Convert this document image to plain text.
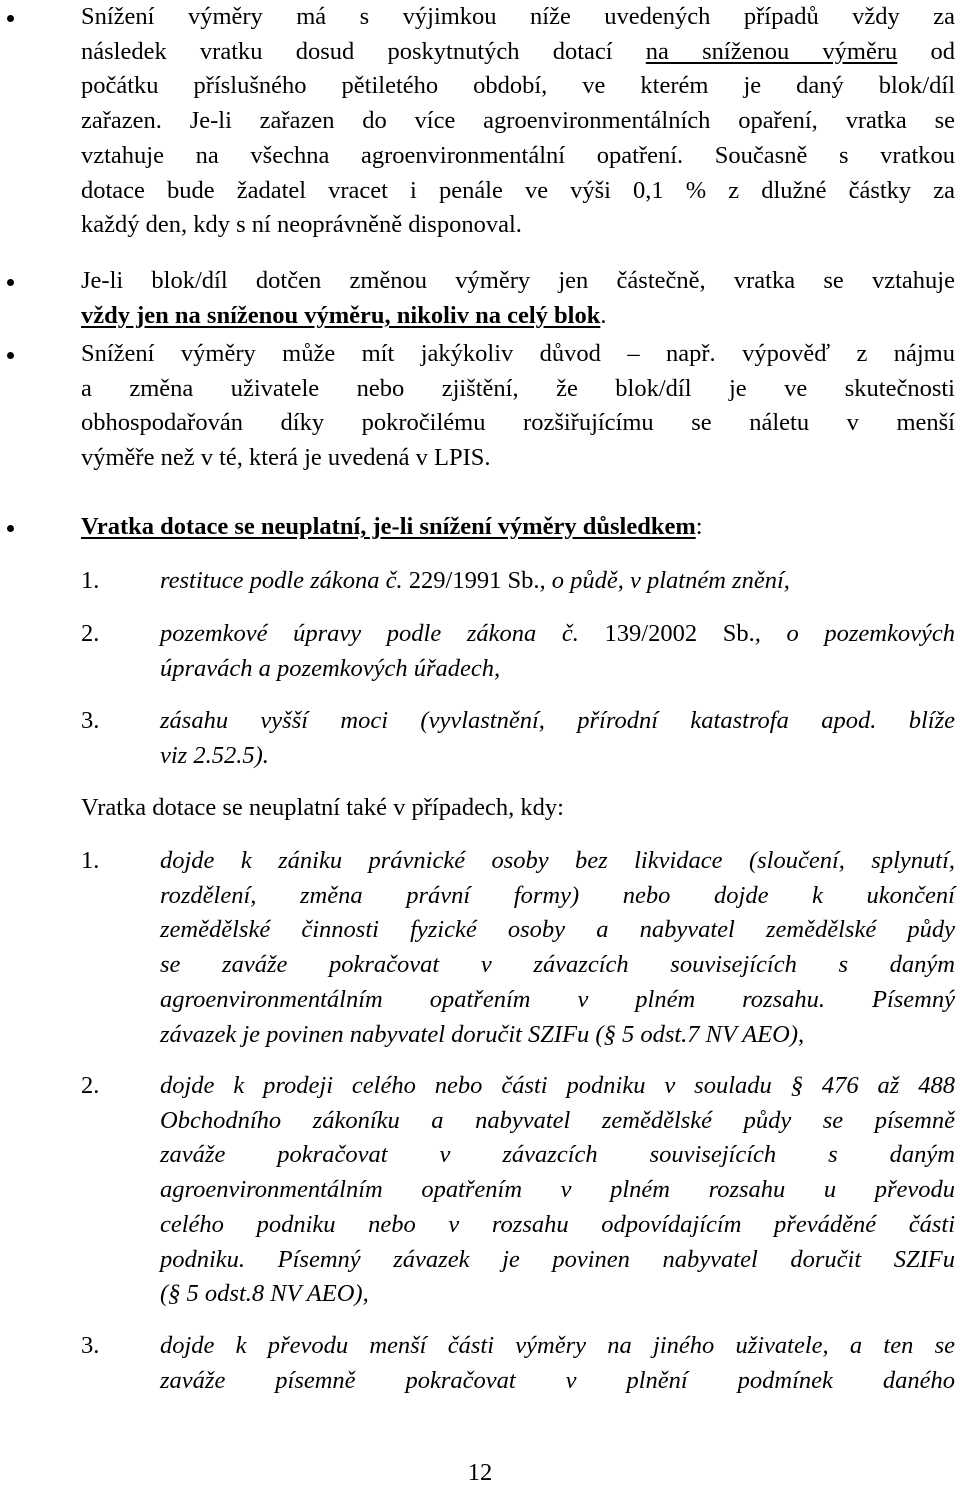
Snížení výměry má s výjimkou níže uvedených případů vždy za
následek vratku dosud poskytnutých dotací na sníženou výměru od
počátku příslušného pětiletého období, ve kterém je daný blok/díl
zařazen. Je-li zařazen do více agroenvironmentálních opaření, vratka se
vztahuje na všechna agroenvironmentální opatření. Současně s vratkou
dotace bude žadatel vracet i penále ve výši 0,1 % z dlužné částky za
každý den, kdy s ní neoprávněně disponoval.
Je-li blok/díl dotčen změnou výměry jen částečně, vratka se vztahuje
vždy jen na sníženou výměru, nikoliv na celý blok.
Snížení výměry může mít jakýkoliv důvod – např. výpověď z nájmu
a změna uživatele nebo zjištění, že blok/díl je ve skutečnosti
obhospodařován díky pokročilému rozšiřujícímu se náletu v menší
výměře než v té, která je uvedená v LPIS.
Vratka dotace se neuplatní, je-li snížení výměry důsledkem:
1. restituce podle zákona č. 229/1991 Sb., o půdě, v platném znění,
2. pozemkové úpravy podle zákona č. 139/2002 Sb., o pozemkových
úpravách a pozemkových úřadech,
3. zásahu vyšší moci (vyvlastnění, přírodní katastrofa apod. blíže
viz 2.52.5).
Vratka dotace se neuplatní také v případech, kdy:
1. dojde k zániku právnické osoby bez likvidace (sloučení, splynutí,
rozdělení, změna právní formy) nebo dojde k ukončení
zemědělské činnosti fyzické osoby a nabyvatel zemědělské půdy
se zaváže pokračovat v závazcích souvisejících s daným
agroenvironmentálním opatřením v plném rozsahu. Písemný
závazek je povinen nabyvatel doručit SZIFu (§ 5 odst.7 NV AEO),
2. dojde k prodeji celého nebo části podniku v souladu § 476 až 488
Obchodního zákoníku a nabyvatel zemědělské půdy se písemně
zaváže pokračovat v závazcích souvisejících s daným
agroenvironmentálním opatřením v plném rozsahu u převodu
celého podniku nebo v rozsahu odpovídajícím převáděné části
podniku. Písemný závazek je povinen nabyvatel doručit SZIFu
(§ 5 odst.8 NV AEO),
3. dojde k převodu menší části výměry na jiného uživatele, a ten se
zaváže písemně pokračovat v plnění podmínek daného
12
